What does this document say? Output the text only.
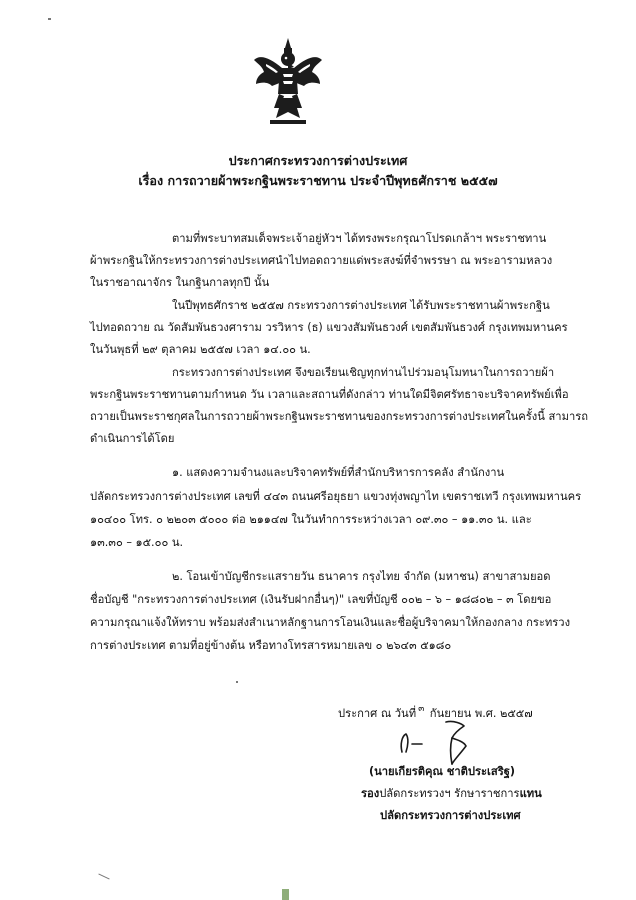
ประกาศกระทรวงการต่างประเทศ
เรื่อง การถวายผ้าพระกฐินพระราชทาน ประจำปีพุทธศักราช ๒๕๕๗
ตามที่พระบาทสมเด็จพระเจ้าอยู่หัวฯ ได้ทรงพระกรุณาโปรดเกล้าฯ พระราชทาน
ผ้าพระกฐินให้กระทรวงการต่างประเทศนำไปทอดถวายแด่พระสงฆ์ที่จำพรรษา ณ พระอารามหลวง
ในราชอาณาจักร ในกฐินกาลทุกปี นั้น
ในปีพุทธศักราช ๒๕๕๗ กระทรวงการต่างประเทศ ได้รับพระราชทานผ้าพระกฐิน
ไปทอดถวาย ณ วัดสัมพันธวงศาราม วรวิหาร (ธ) แขวงสัมพันธวงศ์ เขตสัมพันธวงศ์ กรุงเทพมหานคร
ในวันพุธที่ ๒๙ ตุลาคม ๒๕๕๗ เวลา ๑๔.๐๐ น.
กระทรวงการต่างประเทศ จึงขอเรียนเชิญทุกท่านไปร่วมอนุโมทนาในการถวายผ้า
พระกฐินพระราชทานตามกำหนด วัน เวลาและสถานที่ดังกล่าว ท่านใดมีจิตศรัทธาจะบริจาคทรัพย์เพื่อ
ถวายเป็นพระราชกุศลในการถวายผ้าพระกฐินพระราชทานของกระทรวงการต่างประเทศในครั้งนี้ สามารถ
ดำเนินการได้โดย
๑. แสดงความจำนงและบริจาคทรัพย์ที่สำนักบริหารการคลัง สำนักงาน
ปลัดกระทรวงการต่างประเทศ เลขที่ ๔๔๓ ถนนศรีอยุธยา แขวงทุ่งพญาไท เขตราชเทวี กรุงเทพมหานคร
๑๐๔๐๐ โทร. ๐ ๒๒๐๓ ๕๐๐๐ ต่อ ๒๑๑๔๗ ในวันทำการระหว่างเวลา ๐๙.๓๐ – ๑๑.๓๐ น. และ
๑๓.๓๐ – ๑๕.๐๐ น.
๒. โอนเข้าบัญชีกระแสรายวัน ธนาคาร กรุงไทย จำกัด (มหาชน) สาขาสามยอด
ชื่อบัญชี "กระทรวงการต่างประเทศ (เงินรับฝากอื่นๆ)" เลขที่บัญชี ๐๐๒ – ๖ – ๑๘๘๐๒ – ๓ โดยขอ
ความกรุณาแจ้งให้ทราบ พร้อมส่งสำเนาหลักฐานการโอนเงินและชื่อผู้บริจาคมาให้กองกลาง กระทรวง
การต่างประเทศ ตามที่อยู่ข้างต้น หรือทางโทรสารหมายเลข ๐ ๒๖๔๓ ๕๑๘๐
ประกาศ ณ วันที่ ๓ กันยายน พ.ศ. ๒๕๕๗
(นายเกียรติคุณ ชาติประเสริฐ)
รองปลัดกระทรวงฯ รักษาราชการแทน
ปลัดกระทรวงการต่างประเทศ
